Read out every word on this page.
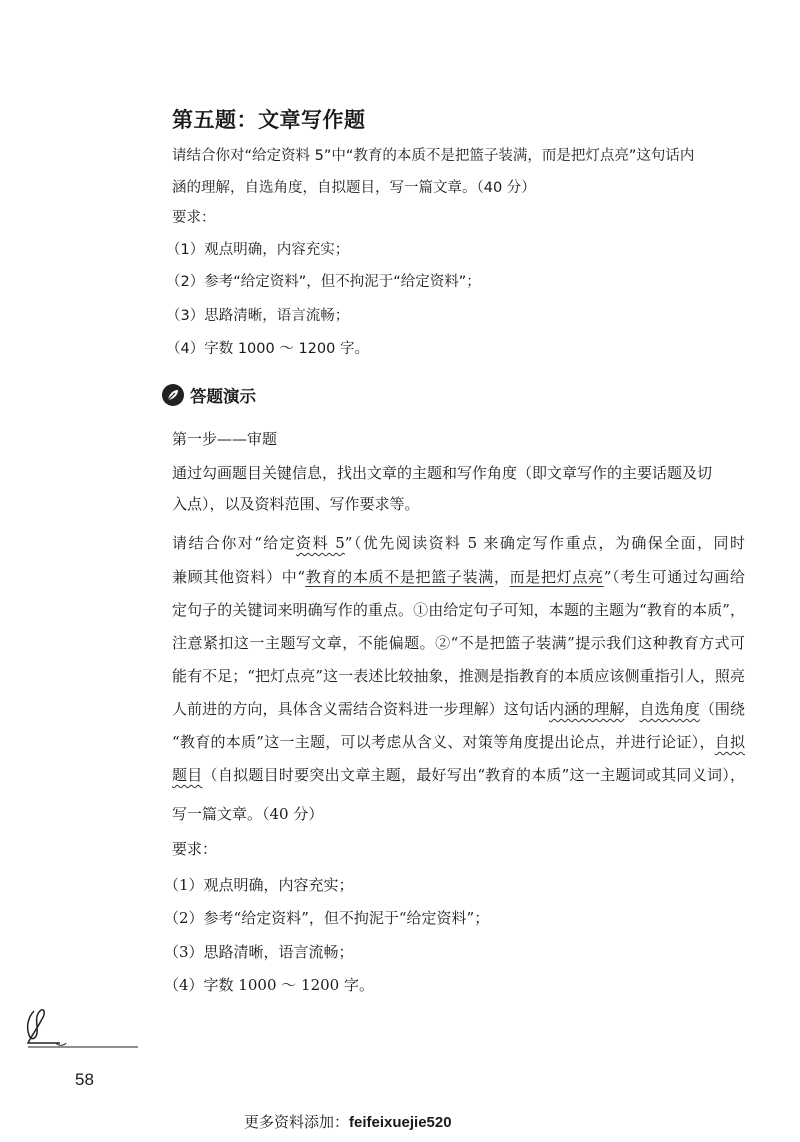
第五题：文章写作题
请结合你对“给定资料 5”中“教育的本质不是把篮子装满，而是把灯点亮”这句话内
涵的理解，自选角度，自拟题目，写一篇文章。（40 分）
要求：
（1）观点明确，内容充实；
（2）参考“给定资料”，但不拘泥于“给定资料”；
（3）思路清晰，语言流畅；
（4）字数 1000 ～ 1200 字。
答题演示
第一步——审题
通过勾画题目关键信息，找出文章的主题和写作角度（即文章写作的主要话题及切
入点），以及资料范围、写作要求等。
请结合你对“给定资料 5”（优先阅读资料 5 来确定写作重点，为确保全面，同时
兼顾其他资料）中“教育的本质不是把篮子装满，而是把灯点亮”（考生可通过勾画给
定句子的关键词来明确写作的重点。①由给定句子可知，本题的主题为“教育的本质”，
注意紧扣这一主题写文章，不能偏题。②“不是把篮子装满”提示我们这种教育方式可
能有不足；“把灯点亮”这一表述比较抽象，推测是指教育的本质应该侧重指引人，照亮
人前进的方向，具体含义需结合资料进一步理解）这句话内涵的理解，自选角度（围绕
“教育的本质”这一主题，可以考虑从含义、对策等角度提出论点，并进行论证），自拟
题目（自拟题目时要突出文章主题，最好写出“教育的本质”这一主题词或其同义词），
写一篇文章。（40 分）
要求：
（1）观点明确，内容充实；
（2）参考“给定资料”，但不拘泥于“给定资料”；
（3）思路清晰，语言流畅；
（4）字数 1000 ～ 1200 字。
58
更多资料添加：feifeixuejie520
